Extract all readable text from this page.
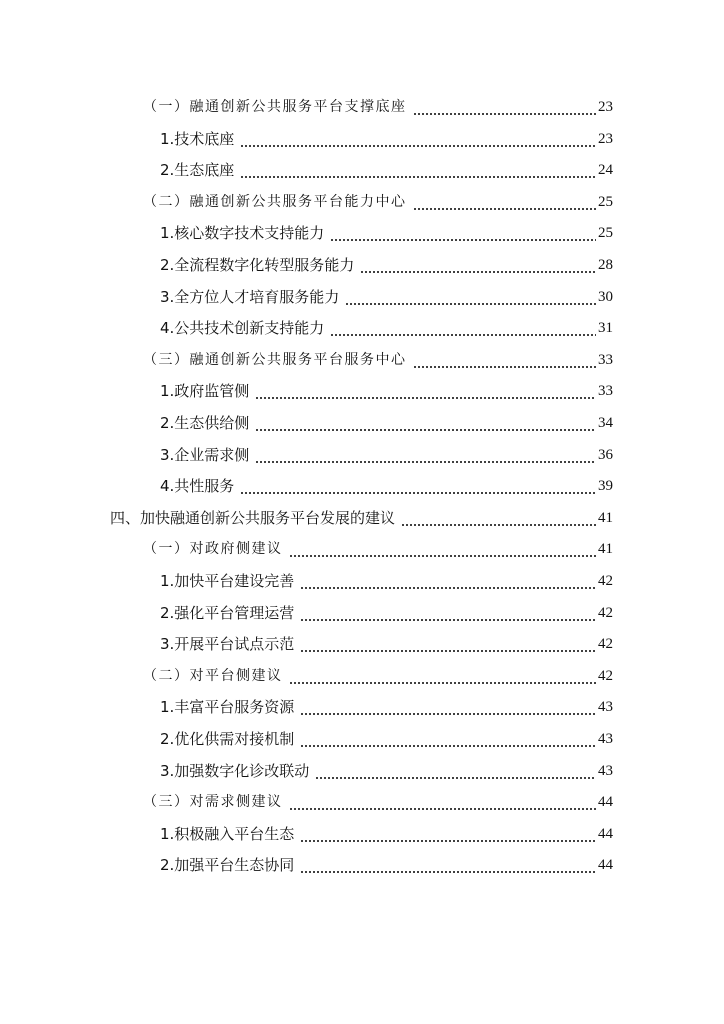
（一）融通创新公共服务平台支撑底座	23
1.技术底座	23
2.生态底座	24
（二）融通创新公共服务平台能力中心	25
1.核心数字技术支持能力	25
2.全流程数字化转型服务能力	28
3.全方位人才培育服务能力	30
4.公共技术创新支持能力	31
（三）融通创新公共服务平台服务中心	33
1.政府监管侧	33
2.生态供给侧	34
3.企业需求侧	36
4.共性服务	39
四、加快融通创新公共服务平台发展的建议	41
（一）对政府侧建议	41
1.加快平台建设完善	42
2.强化平台管理运营	42
3.开展平台试点示范	42
（二）对平台侧建议	42
1.丰富平台服务资源	43
2.优化供需对接机制	43
3.加强数字化诊改联动	43
（三）对需求侧建议	44
1.积极融入平台生态	44
2.加强平台生态协同	44
